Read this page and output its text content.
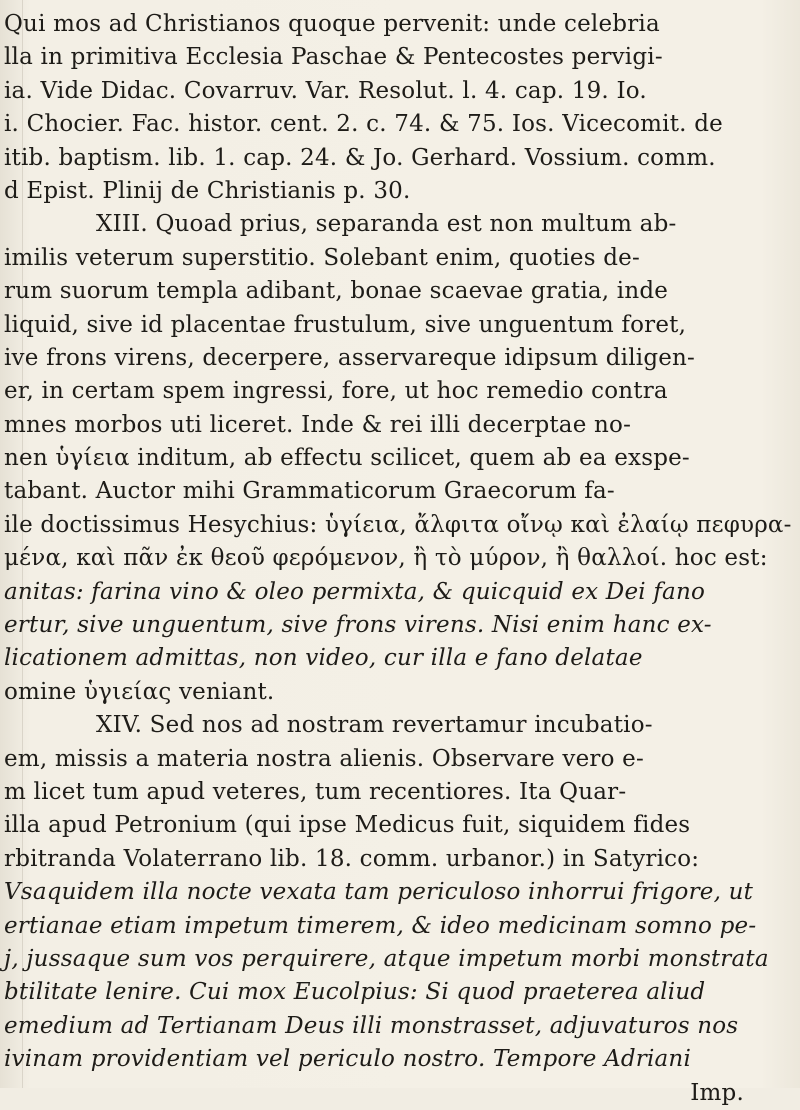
Qui mos ad Christianos quoque pervenit: unde celebria
lla in primitiva Ecclesia Paschae & Pentecostes pervigi-
ia. Vide Didac. Covarruv. Var. Resolut. l. 4. cap. 19. Io.
i. Chocier. Fac. histor. cent. 2. c. 74. & 75. Ios. Vicecomit. de
itib. baptism. lib. 1. cap. 24. & Jo. Gerhard. Vossium. comm.
d Epist. Plinij de Christianis p. 30.
XIII. Quoad prius, separanda est non multum ab-
imilis veterum superstitio. Solebant enim, quoties de-
rum suorum templa adibant, bonae scaevae gratia, inde
liquid, sive id placentae frustulum, sive unguentum foret,
ive frons virens, decerpere, asservareque idipsum diligen-
er, in certam spem ingressi, fore, ut hoc remedio contra
mnes morbos uti liceret. Inde & rei illi decerptae no-
nen ὑγίεια inditum, ab effectu scilicet, quem ab ea exspe-
tabant. Auctor mihi Grammaticorum Graecorum fa-
ile doctissimus Hesychius: ὑγίεια, ἄλφιτα οἴνῳ καὶ ἐλαίῳ πεφυρα-
μένα, καὶ πᾶν ἐκ θεοῦ φερόμενον, ἢ τὸ μύρον, ἢ θαλλοί. hoc est:
anitas: farina vino & oleo permixta, & quicquid ex Dei fano
ertur, sive unguentum, sive frons virens. Nisi enim hanc ex-
licationem admittas, non video, cur illa e fano delatae
omine ὑγιείας veniant.
XIV. Sed nos ad nostram revertamur incubatio-
em, missis a materia nostra alienis. Observare vero e-
m licet tum apud veteres, tum recentiores. Ita Quar-
illa apud Petronium (qui ipse Medicus fuit, siquidem fides
rbitranda Volaterrano lib. 18. comm. urbanor.) in Satyrico:
Vsaquidem illa nocte vexata tam periculoso inhorrui frigore, ut
ertianae etiam impetum timerem, & ideo medicinam somno pe-
j, jussaque sum vos perquirere, atque impetum morbi monstrata
btilitate lenire. Cui mox Eucolpius: Si quod praeterea aliud
emedium ad Tertianam Deus illi monstrasset, adjuvaturos nos
ivinam providentiam vel periculo nostro. Tempore Adriani
Imp.
